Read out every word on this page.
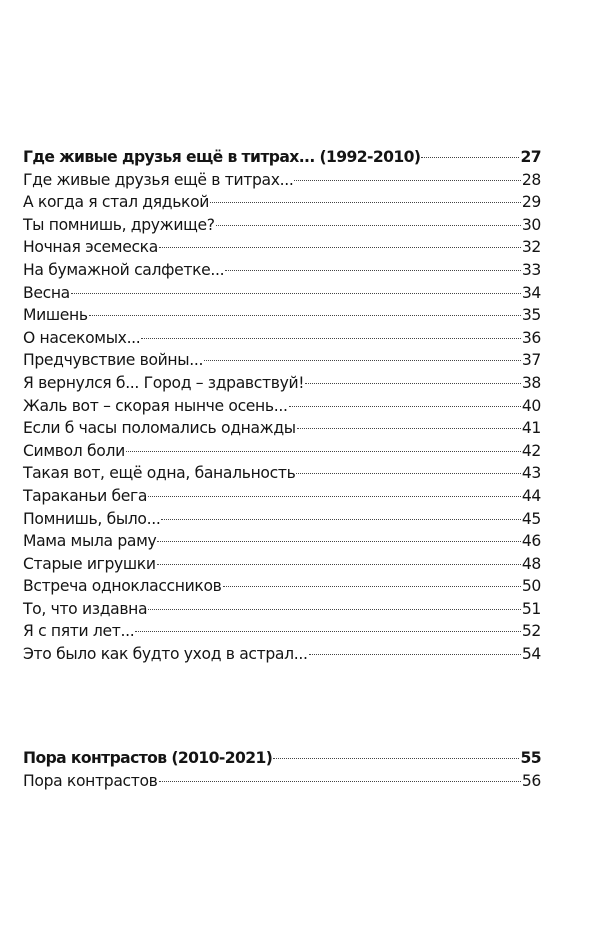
Где живые друзья ещё в титрах... (1992-2010)	27
Где живые друзья ещё в титрах...	28
А когда я стал дядькой	29
Ты помнишь, дружище?	30
Ночная эсемеска	32
На бумажной салфетке...	33
Весна	34
Мишень	35
О насекомых...	36
Предчувствие войны...	37
Я вернулся б... Город – здравствуй!	38
Жаль вот – скорая нынче осень...	40
Если б часы поломались однажды	41
Символ боли	42
Такая вот, ещё одна, банальность	43
Тараканьи бега	44
Помнишь, было...	45
Мама мыла раму	46
Старые игрушки	48
Встреча одноклассников	50
То, что издавна	51
Я с пяти лет...	52
Это было как будто уход в астрал...	54
Пора контрастов (2010-2021)	55
Пора контрастов	56
